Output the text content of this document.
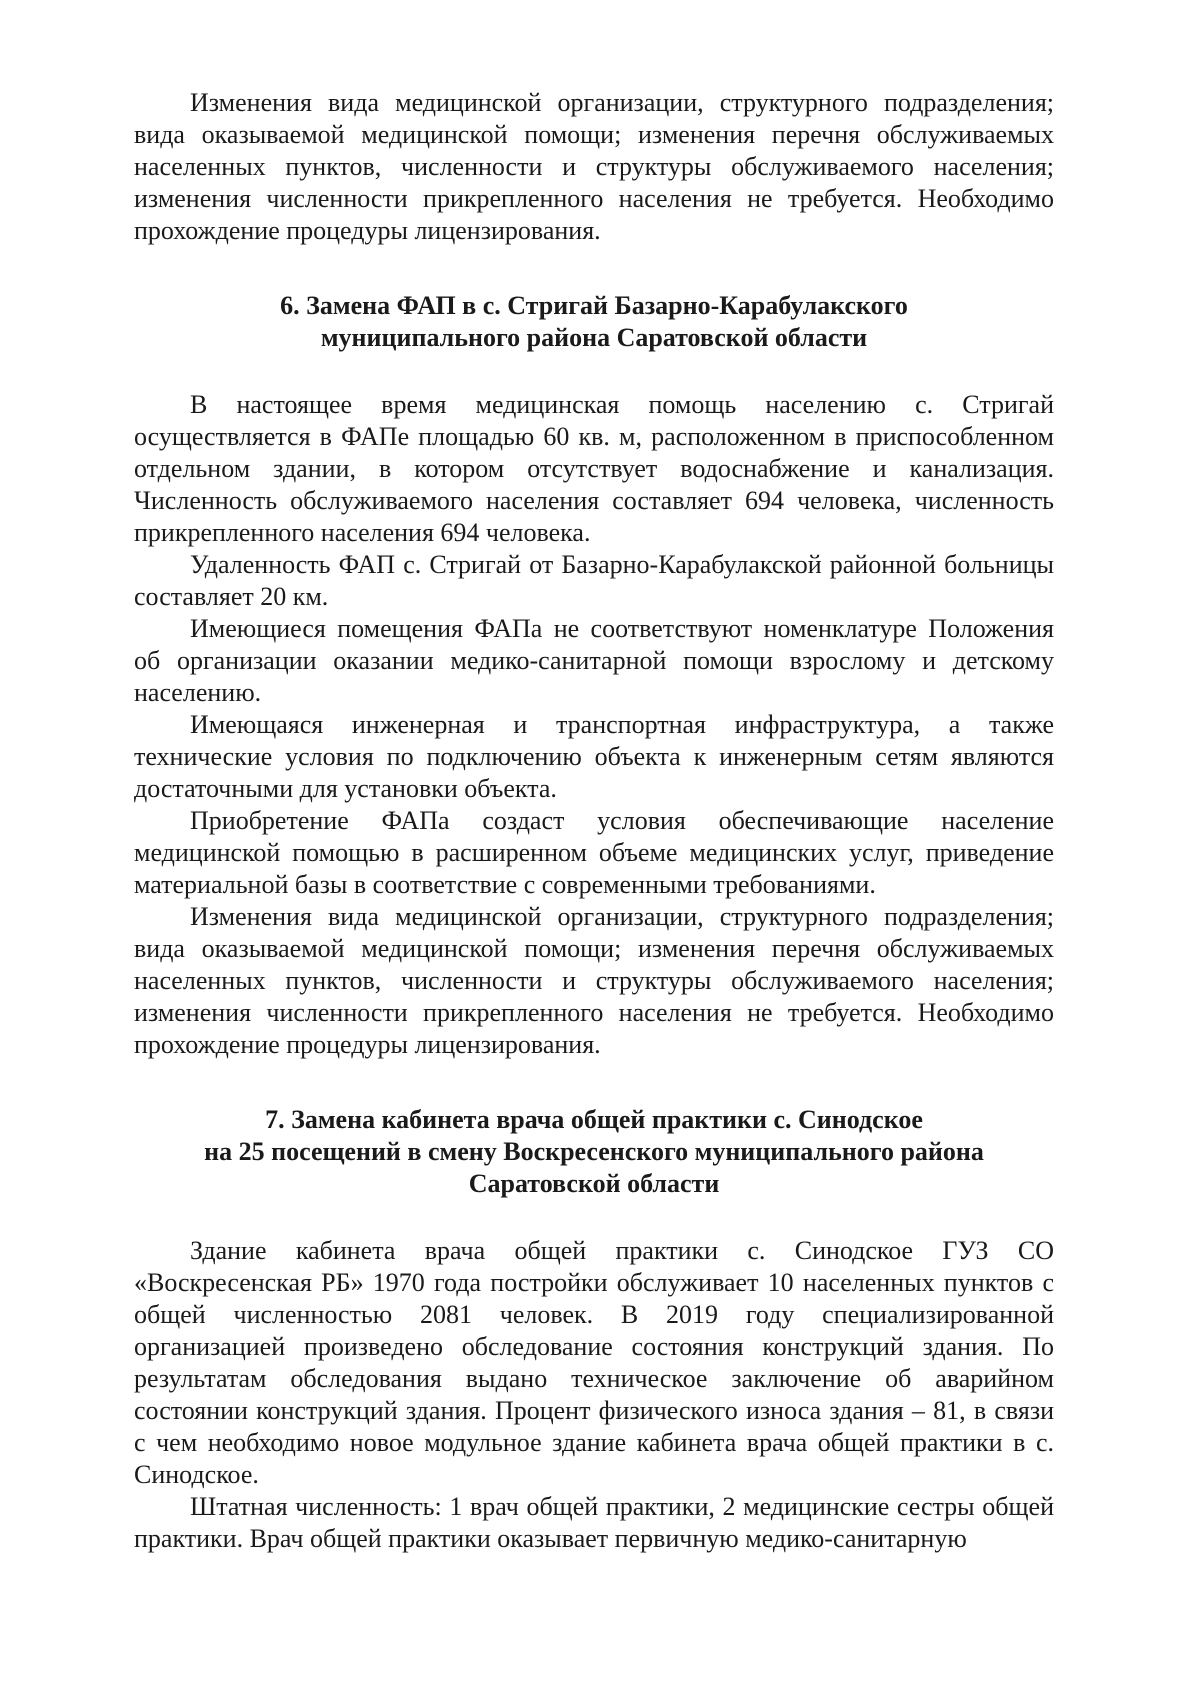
Изменения вида медицинской организации, структурного подразделения; вида оказываемой медицинской помощи; изменения перечня обслуживаемых населенных пунктов, численности и структуры обслуживаемого населения; изменения численности прикрепленного населения не требуется. Необходимо прохождение процедуры лицензирования.

6. Замена ФАП в с. Стригай Базарно-Карабулакского
муниципального района Саратовской области

В настоящее время медицинская помощь населению с. Стригай осуществляется в ФАПе площадью 60 кв. м, расположенном в приспособленном отдельном здании, в котором отсутствует водоснабжение и канализация. Численность обслуживаемого населения составляет 694 человека, численность прикрепленного населения 694 человека.

Удаленность ФАП с. Стригай от Базарно-Карабулакской районной больницы составляет 20 км.

Имеющиеся помещения ФАПа не соответствуют номенклатуре Положения об организации оказании медико-санитарной помощи взрослому и детскому населению.

Имеющаяся инженерная и транспортная инфраструктура, а также технические условия по подключению объекта к инженерным сетям являются достаточными для установки объекта.

Приобретение ФАПа создаст условия обеспечивающие население медицинской помощью в расширенном объеме медицинских услуг, приведение материальной базы в соответствие с современными требованиями.

Изменения вида медицинской организации, структурного подразделения; вида оказываемой медицинской помощи; изменения перечня обслуживаемых населенных пунктов, численности и структуры обслуживаемого населения; изменения численности прикрепленного населения не требуется. Необходимо прохождение процедуры лицензирования.

7. Замена кабинета врача общей практики с. Синодское
на 25 посещений в смену Воскресенского муниципального района
Саратовской области

Здание кабинета врача общей практики с. Синодское ГУЗ СО «Воскресенская РБ» 1970 года постройки обслуживает 10 населенных пунктов с общей численностью 2081 человек. В 2019 году специализированной организацией произведено обследование состояния конструкций здания. По результатам обследования выдано техническое заключение об аварийном состоянии конструкций здания. Процент физического износа здания – 81, в связи с чем необходимо новое модульное здание кабинета врача общей практики в с. Синодское.

Штатная численность: 1 врач общей практики, 2 медицинские сестры общей практики. Врач общей практики оказывает первичную медико-санитарную
